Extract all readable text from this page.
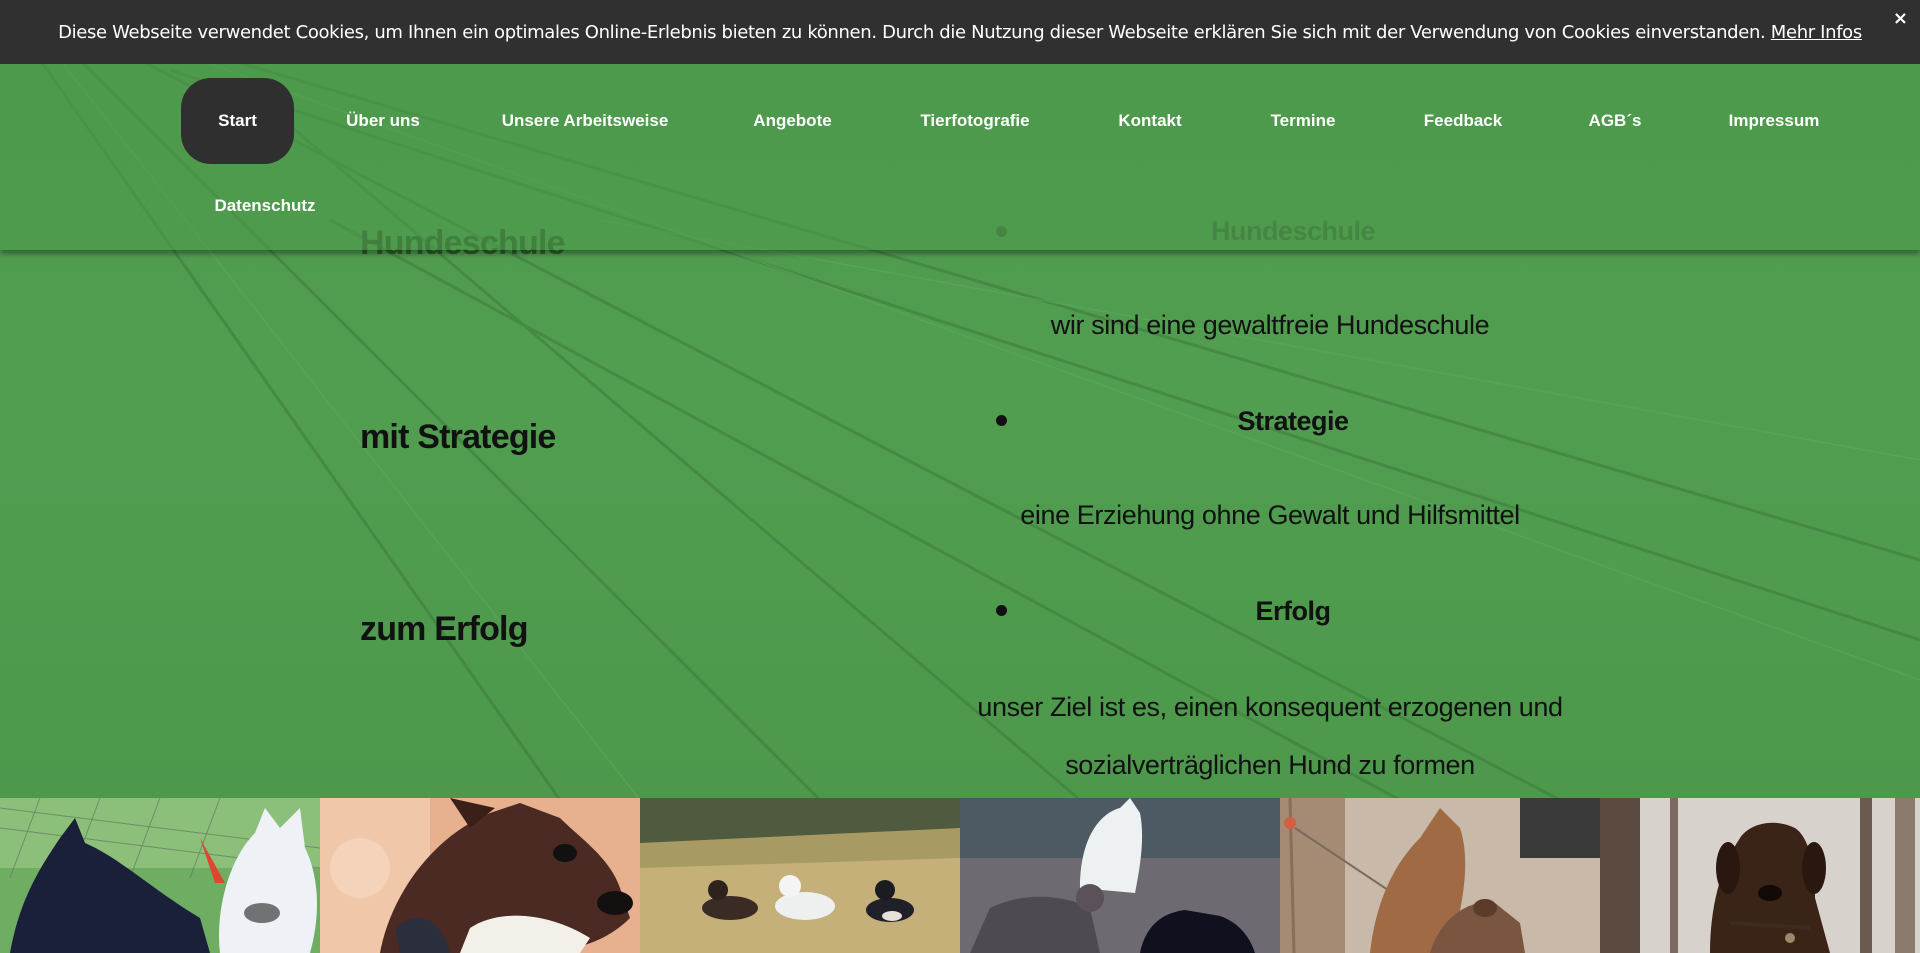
mit Strategie
zum Erfolg
wir sind eine gewaltfreie Hundeschule
Strategie
eine Erziehung ohne Gewalt und Hilfsmittel
Erfolg
unser Ziel ist es, einen konsequent erzogenen und
sozialverträglichen Hund zu formen
Start	Über uns	Unsere Arbeitsweise	Angebote	Tierfotografie	Kontakt	Termine	Feedback	AGB´s	Impressum
Datenschutz
Diese Webseite verwendet Cookies, um Ihnen ein optimales Online-Erlebnis bieten zu können. Durch die Nutzung dieser Webseite erklären Sie sich mit der Verwendung von Cookies einverstanden. Mehr Infos
×
